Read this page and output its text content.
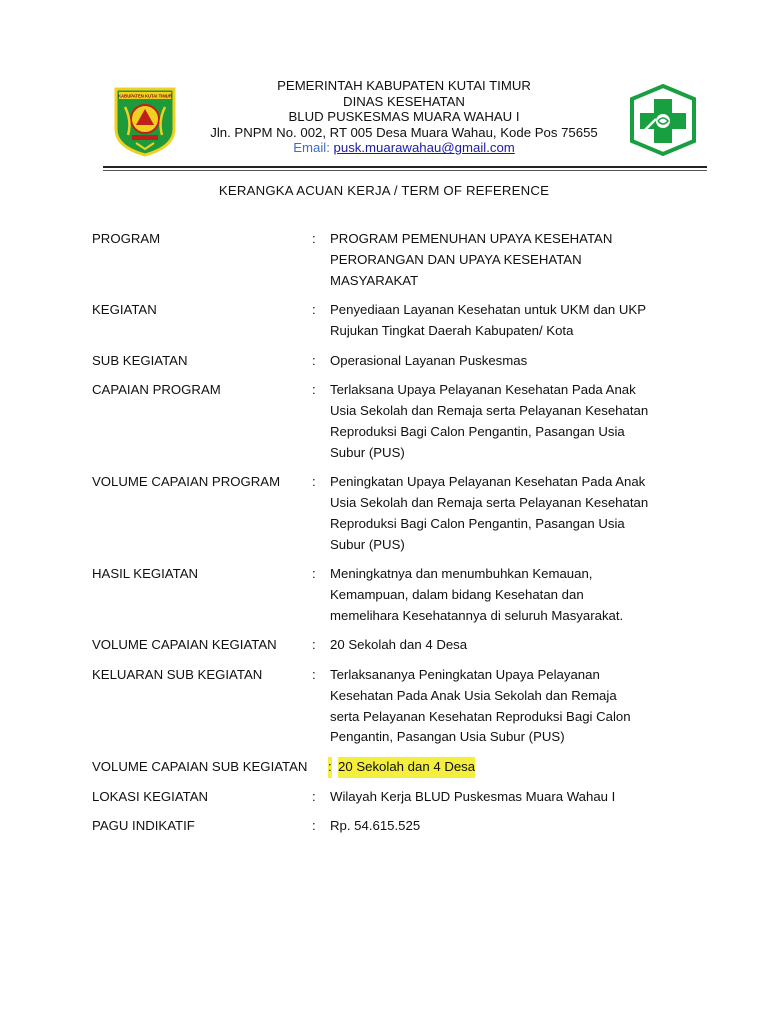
KABUPATEN KUTAI TIMUR
PEMERINTAH KABUPATEN KUTAI TIMUR
DINAS KESEHATAN
BLUD PUSKESMAS MUARA WAHAU I
Jln. PNPM No. 002, RT 005 Desa Muara Wahau, Kode Pos 75655
Email: pusk.muarawahau@gmail.com
KERANGKA ACUAN KERJA / TERM OF REFERENCE
PROGRAM	: PROGRAM PEMENUHAN UPAYA KESEHATAN
PERORANGAN DAN UPAYA KESEHATAN
MASYARAKAT
KEGIATAN	: Penyediaan Layanan Kesehatan untuk UKM dan UKP
Rujukan Tingkat Daerah Kabupaten/ Kota
SUB KEGIATAN	: Operasional Layanan Puskesmas
CAPAIAN PROGRAM	: Terlaksana Upaya Pelayanan Kesehatan Pada Anak
Usia Sekolah dan Remaja serta Pelayanan Kesehatan
Reproduksi Bagi Calon Pengantin, Pasangan Usia
Subur (PUS)
VOLUME CAPAIAN PROGRAM : Peningkatan Upaya Pelayanan Kesehatan Pada Anak
Usia Sekolah dan Remaja serta Pelayanan Kesehatan
Reproduksi Bagi Calon Pengantin, Pasangan Usia
Subur (PUS)
HASIL KEGIATAN	: Meningkatnya dan menumbuhkan Kemauan,
Kemampuan, dalam bidang Kesehatan dan
memelihara Kesehatannya di seluruh Masyarakat.
VOLUME CAPAIAN KEGIATAN	: 20 Sekolah dan 4 Desa
KELUARAN SUB KEGIATAN	: Terlaksananya Peningkatan Upaya Pelayanan
Kesehatan Pada Anak Usia Sekolah dan Remaja
serta Pelayanan Kesehatan Reproduksi Bagi Calon
Pengantin, Pasangan Usia Subur (PUS)
VOLUME CAPAIAN SUB KEGIATAN : 20 Sekolah dan 4 Desa
LOKASI KEGIATAN	: Wilayah Kerja BLUD Puskesmas Muara Wahau I
PAGU INDIKATIF	: Rp. 54.615.525
